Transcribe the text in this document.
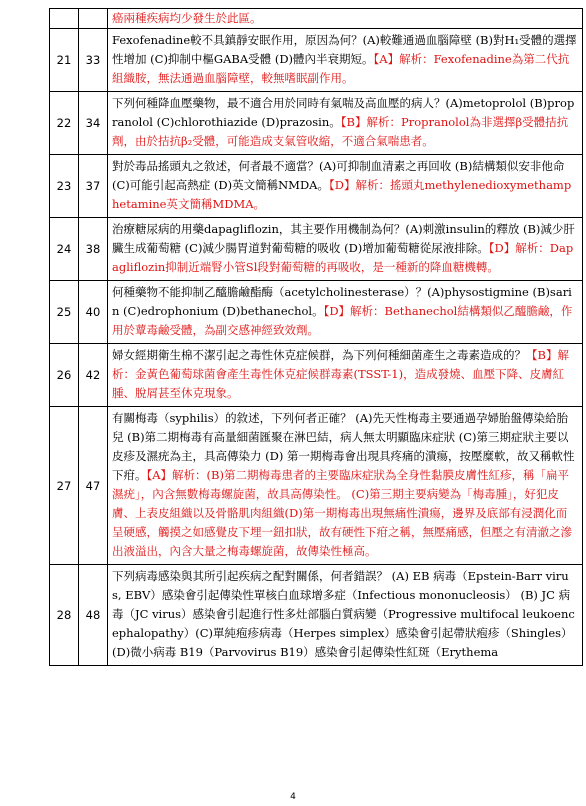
		癌兩種疾病均少發生於此區。
21	33	Fexofenadine較不具鎮靜安眠作用，原因為何？(A)較難通過血腦障壁 (B)對H₁受體的選擇性增加 (C)抑制中樞GABA受體 (D)體內半衰期短。【A】解析：Fexofenadine為第二代抗組織胺，無法通過血腦障壁，較無嗜眠副作用。
22	34	下列何種降血壓藥物，最不適合用於同時有氣喘及高血壓的病人？(A)metoprolol (B)propranolol (C)chlorothiazide (D)prazosin。【B】解析：Propranolol為非選擇β受體拮抗劑，由於拮抗β₂受體，可能造成支氣管收縮，不適合氣喘患者。
23	37	對於毒品搖頭丸之敘述，何者最不適當？(A)可抑制血清素之再回收 (B)結構類似安非他命 (C)可能引起高熱症 (D)英文簡稱NMDA。【D】解析：搖頭丸methylenedioxymethamphetamine英文簡稱MDMA。
24	38	治療糖尿病的用藥dapagliflozin，其主要作用機制為何？(A)刺激insulin的釋放 (B)減少肝臟生成葡萄糖 (C)減少腸胃道對葡萄糖的吸收 (D)增加葡萄糖從尿液排除。【D】解析：Dapagliflozin抑制近端腎小管Sl段對葡萄糖的再吸收，是一種新的降血糖機轉。
25	40	何種藥物不能抑制乙醯膽鹼酯酶（acetylcholinesterase）？(A)physostigmine (B)sarin (C)edrophonium (D)bethanechol。【D】解析：Bethanechol結構類似乙醯膽鹼，作用於蕈毒鹼受體，為副交感神經致效劑。
26	42	婦女經期衛生棉不潔引起之毒性休克症候群，為下列何種細菌產生之毒素造成的？【B】解析：金黃色葡萄球菌會產生毒性休克症候群毒素(TSST-1)，造成發燒、血壓下降、皮膚紅腫、脫屑甚至休克現象。
27	47	有關梅毒（syphilis）的敘述，下列何者正確？ (A)先天性梅毒主要通過孕婦胎盤傳染給胎兒 (B)第二期梅毒有高量細菌匯聚在淋巴結，病人無太明顯臨床症狀 (C)第三期症狀主要以皮疹及濕疣為主，具高傳染力 (D) 第一期梅毒會出現具疼痛的潰瘍，按壓糜軟，故又稱軟性下疳。【A】解析：(B)第二期梅毒患者的主要臨床症狀為全身性黏膜皮膚性紅疹，稱「扁平濕疣」，內含無數梅毒螺旋菌，故具高傳染性。 (C)第三期主要病變為「梅毒腫」，好犯皮膚、上表皮組織以及骨骼肌肉組織(D)第一期梅毒出現無痛性潰瘍，邊界及底部有浸潤化而呈硬感，觸摸之如感覺皮下埋一鈕扣狀，故有硬性下疳之稱，無壓痛感，但壓之有清澈之滲出液溢出，內含大量之梅毒螺旋菌，故傳染性極高。
28	48	下列病毒感染與其所引起疾病之配對關係，何者錯誤？ (A) EB 病毒（Epstein-Barr virus, EBV）感染會引起傳染性單核白血球增多症（Infectious mononucleosis） (B) JC 病毒（JC virus）感染會引起進行性多灶部腦白質病變（Progressive multifocal leukoencephalopathy）(C)單純疱疹病毒（Herpes simplex）感染會引起帶狀疱疹（Shingles） (D)微小病毒 B19（Parvovirus B19）感染會引起傳染性紅斑（Erythema
4
